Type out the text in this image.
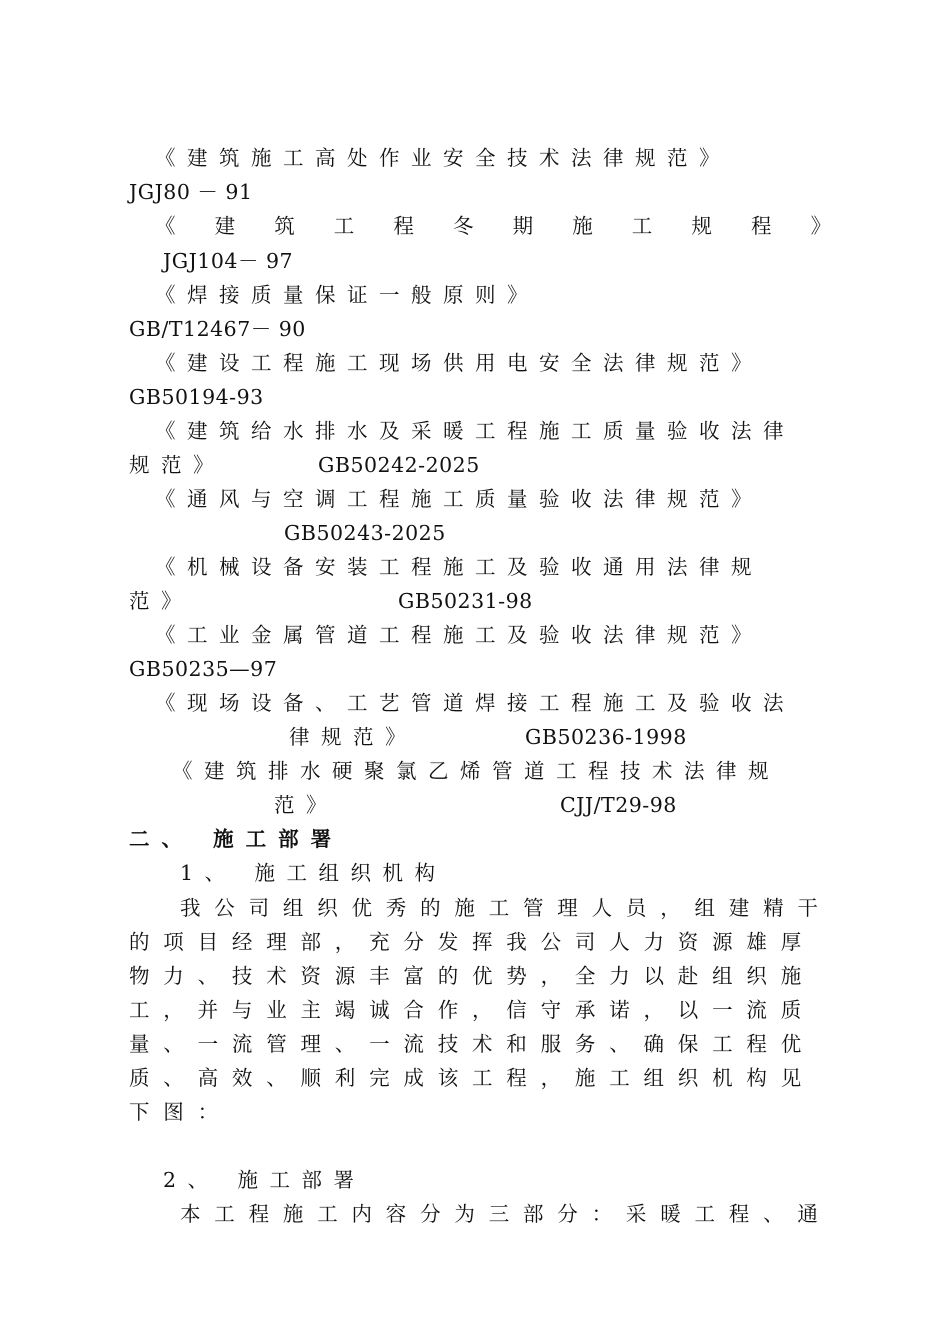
《建筑施工高处作业安全技术法律规范》
JGJ80 － 91
《　建　筑　工　程　冬　期　施　工　规　程　》
JGJ104－ 97
《焊接质量保证一般原则》
GB/T12467－ 90
《建设工程施工现场供用电安全法律规范》
GB50194-93
《建筑给水排水及采暖工程施工质量验收法律
规范》	GB50242-2025
《通风与空调工程施工质量验收法律规范》
GB50243-2025
《机械设备安装工程施工及验收通用法律规
范》	GB50231-98
《工业金属管道工程施工及验收法律规范》
GB50235—97
《现场设备、工艺管道焊接工程施工及验收法
律规范》	GB50236-1998
《建筑排水硬聚氯乙烯管道工程技术法律规
范》	CJJ/T29-98
二、 施工部署
1、 施工组织机构
我公司组织优秀的施工管理人员，组建精干
的项目经理部，充分发挥我公司人力资源雄厚
物力、技术资源丰富的优势，全力以赴组织施
工，并与业主竭诚合作，信守承诺，以一流质
量、一流管理、一流技术和服务、确保工程优
质、高效、顺利完成该工程，施工组织机构见
下图：
2、 施工部署
本工程施工内容分为三部分：采暖工程、通
